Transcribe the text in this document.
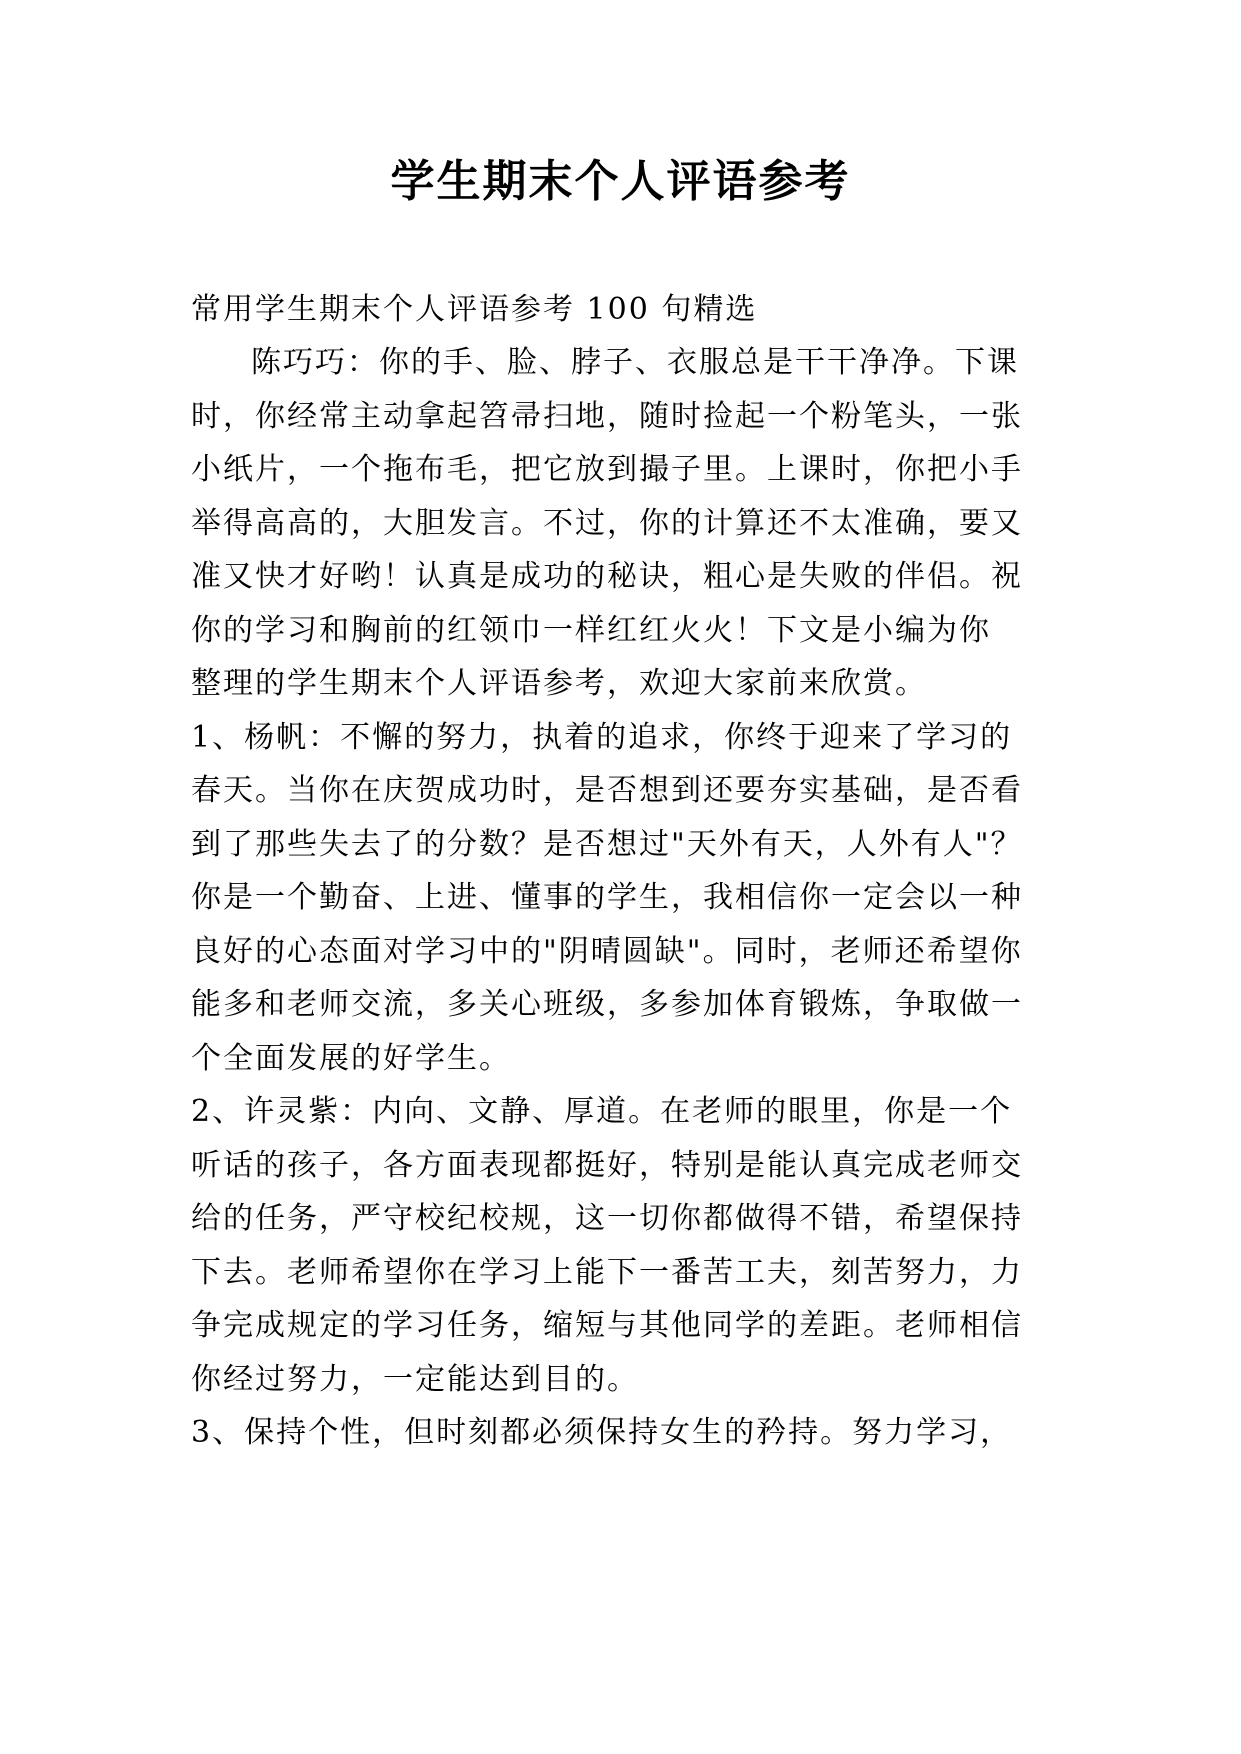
学生期末个人评语参考
常用学生期末个人评语参考 100 句精选
陈巧巧：你的手、脸、脖子、衣服总是干干净净。下课
时，你经常主动拿起笤帚扫地，随时捡起一个粉笔头，一张
小纸片，一个拖布毛，把它放到撮子里。上课时，你把小手
举得高高的，大胆发言。不过，你的计算还不太准确，要又
准又快才好哟！认真是成功的秘诀，粗心是失败的伴侣。祝
你的学习和胸前的红领巾一样红红火火！下文是小编为你
整理的学生期末个人评语参考，欢迎大家前来欣赏。
1、杨帆：不懈的努力，执着的追求，你终于迎来了学习的
春天。当你在庆贺成功时，是否想到还要夯实基础，是否看
到了那些失去了的分数？是否想过"天外有天，人外有人"？
你是一个勤奋、上进、懂事的学生，我相信你一定会以一种
良好的心态面对学习中的"阴晴圆缺"。同时，老师还希望你
能多和老师交流，多关心班级，多参加体育锻炼，争取做一
个全面发展的好学生。
2、许灵紫：内向、文静、厚道。在老师的眼里，你是一个
听话的孩子，各方面表现都挺好，特别是能认真完成老师交
给的任务，严守校纪校规，这一切你都做得不错，希望保持
下去。老师希望你在学习上能下一番苦工夫，刻苦努力，力
争完成规定的学习任务，缩短与其他同学的差距。老师相信
你经过努力，一定能达到目的。
3、保持个性，但时刻都必须保持女生的矜持。努力学习，
